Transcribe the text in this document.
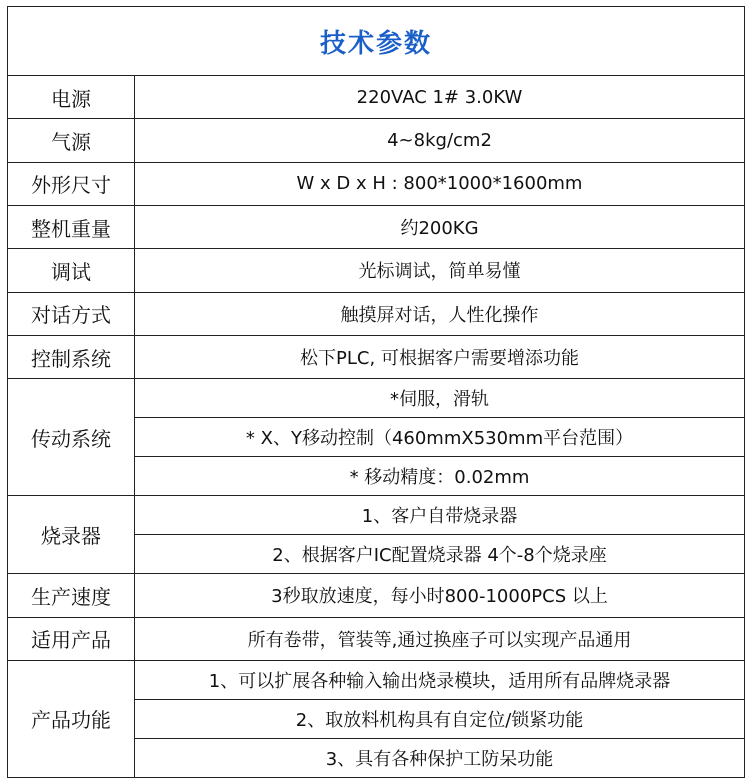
技术参数	
电源	220VAC 1# 3.0KW
气源	4~8kg/cm2
外形尺寸	W x D x H : 800*1000*1600mm
整机重量	约200KG
调试	光标调试，简单易懂
对话方式	触摸屏对话，人性化操作
控制系统	松下PLC, 可根据客户需要增添功能
传动系统	*伺服，滑轨
	* X、Y移动控制（460mmX530mm平台范围）
	* 移动精度：0.02mm
烧录器	1、客户自带烧录器
	2、根据客户IC配置烧录器 4个-8个烧录座
生产速度	3秒取放速度，每小时800-1000PCS 以上
适用产品	所有卷带，管装等,通过换座子可以实现产品通用
产品功能	1、可以扩展各种输入输出烧录模块，适用所有品牌烧录器
	2、取放料机构具有自定位/锁紧功能
	3、具有各种保护工防呆功能
